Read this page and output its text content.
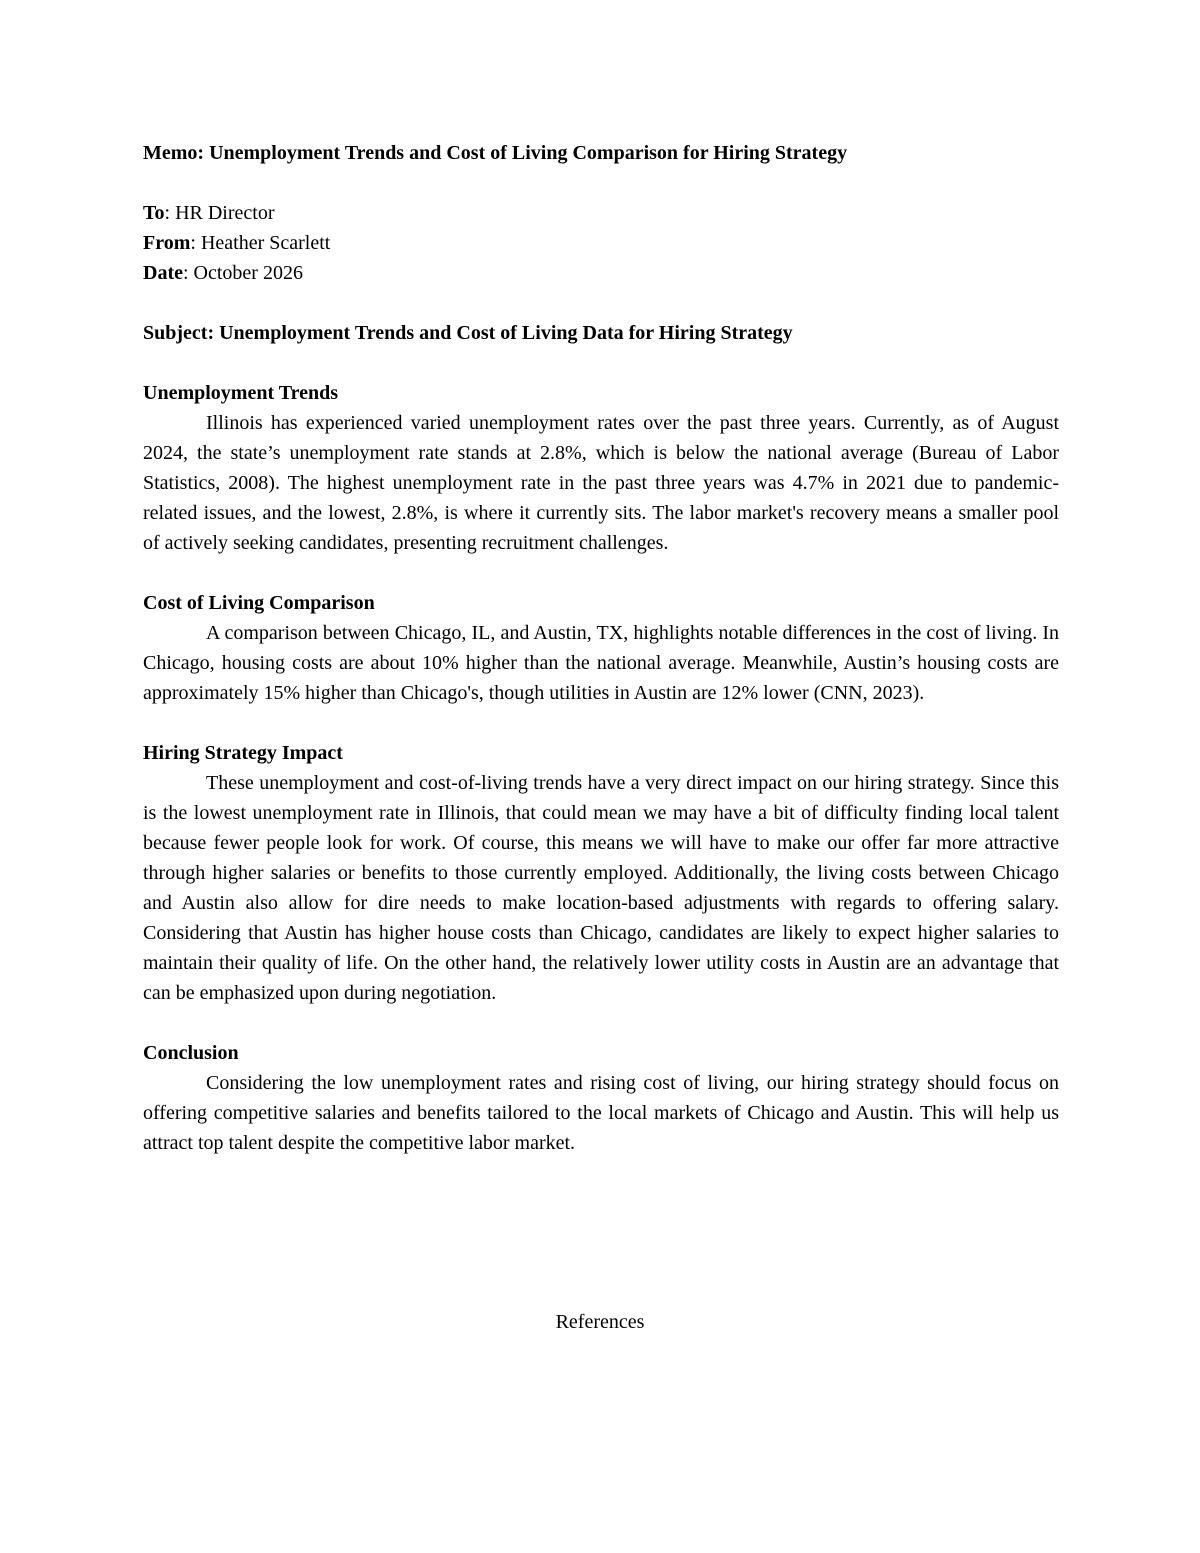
Memo: Unemployment Trends and Cost of Living Comparison for Hiring Strategy

To: HR Director

From: Heather Scarlett

Date: October 2026

Subject: Unemployment Trends and Cost of Living Data for Hiring Strategy

Unemployment Trends

Illinois has experienced varied unemployment rates over the past three years. Currently, as of August 2024, the state’s unemployment rate stands at 2.8%, which is below the national average (Bureau of Labor Statistics, 2008). The highest unemployment rate in the past three years was 4.7% in 2021 due to pandemic-related issues, and the lowest, 2.8%, is where it currently sits. The labor market's recovery means a smaller pool of actively seeking candidates, presenting recruitment challenges.

Cost of Living Comparison

A comparison between Chicago, IL, and Austin, TX, highlights notable differences in the cost of living. In Chicago, housing costs are about 10% higher than the national average. Meanwhile, Austin’s housing costs are approximately 15% higher than Chicago's, though utilities in Austin are 12% lower (CNN, 2023).

Hiring Strategy Impact

These unemployment and cost-of-living trends have a very direct impact on our hiring strategy. Since this is the lowest unemployment rate in Illinois, that could mean we may have a bit of difficulty finding local talent because fewer people look for work. Of course, this means we will have to make our offer far more attractive through higher salaries or benefits to those currently employed. Additionally, the living costs between Chicago and Austin also allow for dire needs to make location-based adjustments with regards to offering salary. Considering that Austin has higher house costs than Chicago, candidates are likely to expect higher salaries to maintain their quality of life. On the other hand, the relatively lower utility costs in Austin are an advantage that can be emphasized upon during negotiation.

Conclusion

Considering the low unemployment rates and rising cost of living, our hiring strategy should focus on offering competitive salaries and benefits tailored to the local markets of Chicago and Austin. This will help us attract top talent despite the competitive labor market.

References
